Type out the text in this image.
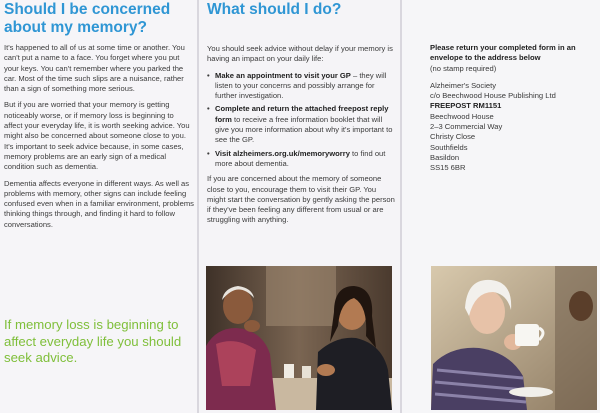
Should I be concerned
about my memory?

It's happened to all of us at some time or another. You can't put a name to a face. You forget where you put your keys. You can't remember where you parked the car. Most of the time such slips are a nuisance, rather than a sign of something more serious.

But if you are worried that your memory is getting noticeably worse, or if memory loss is beginning to affect your everyday life, it is worth seeking advice. You might also be concerned about someone close to you. It's important to seek advice because, in some cases, memory problems are an early sign of a medical condition such as dementia.

Dementia affects everyone in different ways. As well as problems with memory, other signs can include feeling confused even when in a familiar environment, problems thinking things through, and finding it hard to follow conversations.

If memory loss is beginning to affect everyday life you should seek advice.
What should I do?

You should seek advice without delay if your memory is having an impact on your daily life:

• Make an appointment to visit your GP – they will listen to your concerns and possibly arrange for further investigation.
• Complete and return the attached freepost reply form to receive a free information booklet that will give you more information about why it's important to see the GP.
• Visit alzheimers.org.uk/memoryworry to find out more about dementia.

If you are concerned about the memory of someone close to you, encourage them to visit their GP. You might start the conversation by gently asking the person if they've been feeling any different from usual or are struggling with anything.

Please return your completed form in an envelope to the address below
(no stamp required)
Alzheimer's Society
c/o Beechwood House Publishing Ltd
FREEPOST RM1151
Beechwood House
2–3 Commercial Way
Christy Close
Southfields
Basildon
SS15 6BR
